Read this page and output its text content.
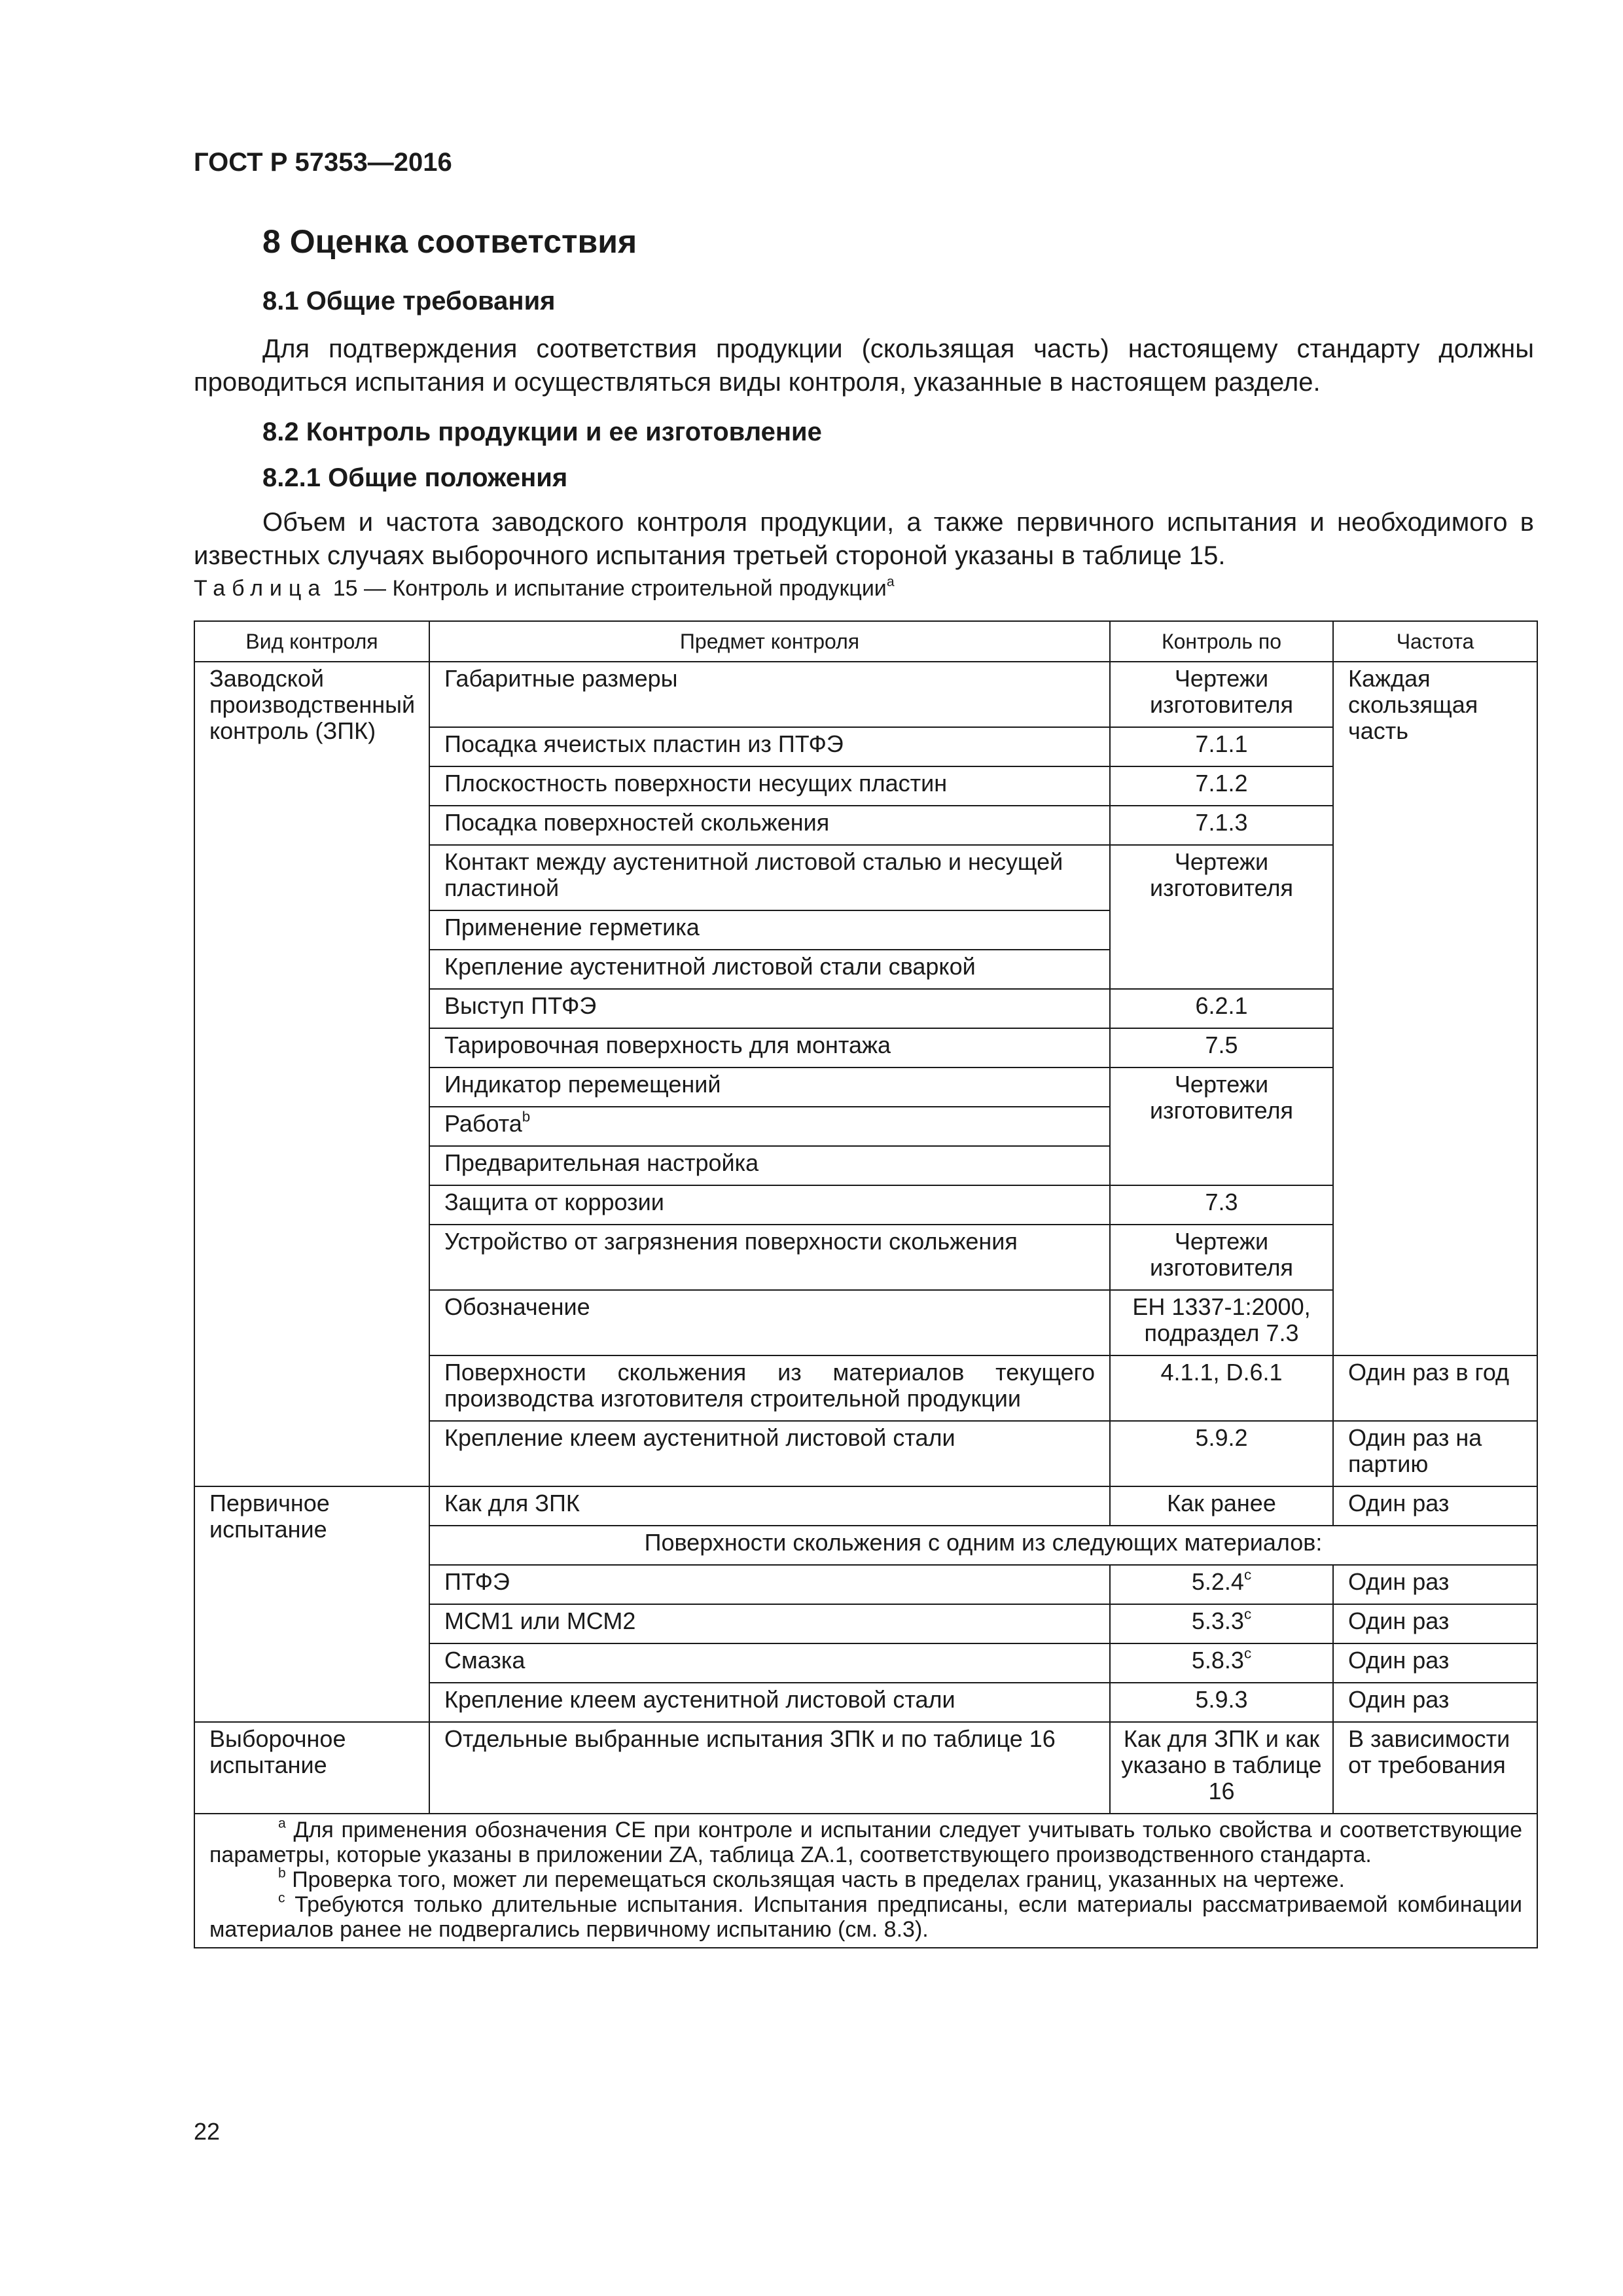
ГОСТ Р 57353—2016
8 Оценка соответствия
8.1 Общие требования
Для подтверждения соответствия продукции (скользящая часть) настоящему стандарту должны проводиться испытания и осуществляться виды контроля, указанные в настоящем разделе.
8.2 Контроль продукции и ее изготовление
8.2.1 Общие положения
Объем и частота заводского контроля продукции, а также первичного испытания и необходимого в известных случаях выборочного испытания третьей стороной указаны в таблице 15.
Таблица 15 — Контроль и испытание строительной продукции$^a$
Вид контроля	Предмет контроля	Контроль по	Частота
Заводской производственный контроль (ЗПК)	Габаритные размеры	Чертежи изготовителя	Каждая скользящая часть
	Посадка ячеистых пластин из ПТФЭ	7.1.1	
	Плоскостность поверхности несущих пластин	7.1.2	
	Посадка поверхностей скольжения	7.1.3	
	Контакт между аустенитной листовой сталью и несущей пластиной	Чертежи изготовителя	
	Применение герметика		
	Крепление аустенитной листовой стали сваркой		
	Выступ ПТФЭ	6.2.1	
	Тарировочная поверхность для монтажа	7.5	
	Индикатор перемещений	Чертежи изготовителя	
	Работа$^b$
	Предварительная настройка		
	Защита от коррозии	7.3	
	Устройство от загрязнения поверхности скольжения	Чертежи изготовителя	
	Обозначение	ЕН 1337-1:2000, подраздел 7.3	
	Поверхности скольжения из материалов текущего производства изготовителя строительной продукции	4.1.1, D.6.1	Один раз в год
	Крепление клеем аустенитной листовой стали	5.9.2	Один раз на партию
Первичное испытание	Как для ЗПК	Как ранее	Один раз
	Поверхности скольжения с одним из следующих материалов:		
	ПТФЭ	5.2.4$^c$	Один раз
	МСМ1 или МСМ2	5.3.3$^c$	Один раз
	Смазка	5.8.3$^c$	Один раз
	Крепление клеем аустенитной листовой стали	5.9.3	Один раз
Выборочное испытание	Отдельные выбранные испытания ЗПК и по таблице 16	Как для ЗПК и как указано в таблице 16	В зависимости от требования

$^a$ Для применения обозначения CE при контроле и испытании следует учитывать только свойства и соответствующие параметры, которые указаны в приложении ZA, таблица ZA.1, соответствующего производственного стандарта.
$^b$ Проверка того, может ли перемещаться скользящая часть в пределах границ, указанных на чертеже.
$^c$ Требуются только длительные испытания. Испытания предписаны, если материалы рассматриваемой комбинации материалов ранее не подвергались первичному испытанию (см. 8.3).			
22
